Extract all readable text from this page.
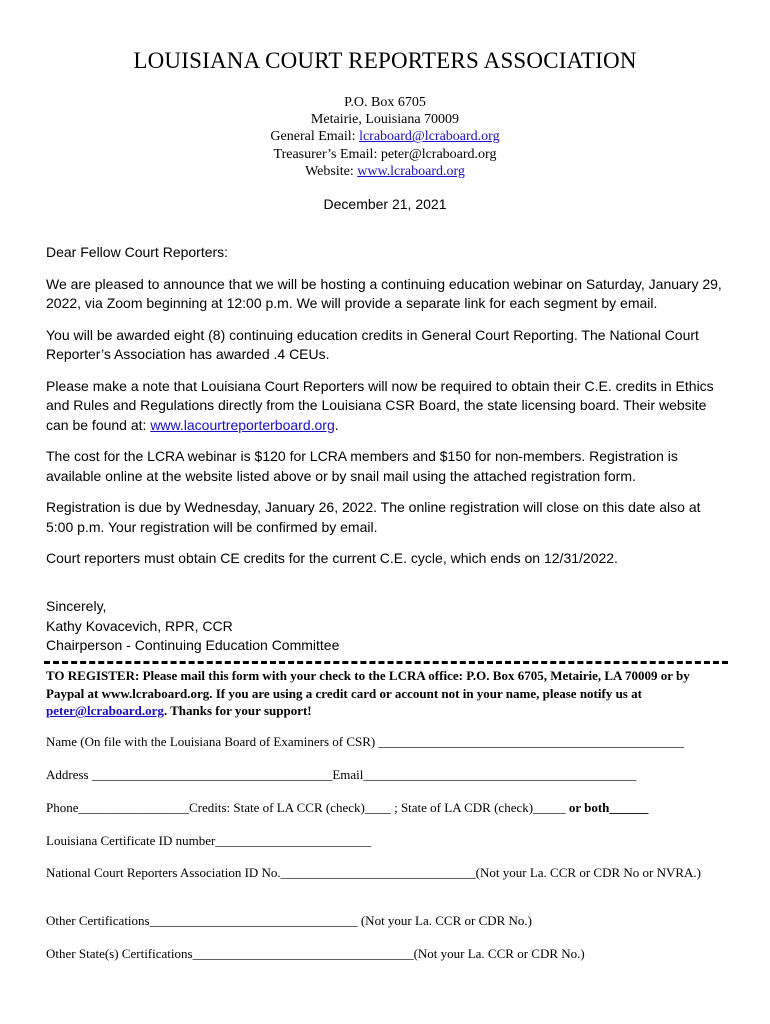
LOUISIANA COURT REPORTERS ASSOCIATION
P.O. Box 6705
Metairie, Louisiana 70009
General Email: lcraboard@lcraboard.org
Treasurer’s Email: peter@lcraboard.org
Website: www.lcraboard.org
December 21, 2021

Dear Fellow Court Reporters:

We are pleased to announce that we will be hosting a continuing education webinar on Saturday, January 29, 2022, via Zoom beginning at 12:00 p.m. We will provide a separate link for each segment by email.

You will be awarded eight (8) continuing education credits in General Court Reporting. The National Court Reporter’s Association has awarded .4 CEUs.

Please make a note that Louisiana Court Reporters will now be required to obtain their C.E. credits in Ethics and Rules and Regulations directly from the Louisiana CSR Board, the state licensing board. Their website can be found at: www.lacourtreporterboard.org.

The cost for the LCRA webinar is $120 for LCRA members and $150 for non-members. Registration is available online at the website listed above or by snail mail using the attached registration form.

Registration is due by Wednesday, January 26, 2022. The online registration will close on this date also at 5:00 p.m. Your registration will be confirmed by email.

Court reporters must obtain CE credits for the current C.E. cycle, which ends on 12/31/2022.

Sincerely,
Kathy Kovacevich, RPR, CCR
Chairperson - Continuing Education Committee
TO REGISTER: Please mail this form with your check to the LCRA office: P.O. Box 6705, Metairie, LA 70009 or by Paypal at www.lcraboard.org. If you are using a credit card or account not in your name, please notify us at peter@lcraboard.org. Thanks for your support!
Name (On file with the Louisiana Board of Examiners of CSR) _______________________________________________
Address _____________________________________Email__________________________________________
Phone_________________Credits: State of LA CCR (check)____ ; State of LA CDR (check)_____ or both______
Louisiana Certificate ID number________________________
National Court Reporters Association ID No.______________________________(Not your La. CCR or CDR No or NVRA.)
Other Certifications________________________________ (Not your La. CCR or CDR No.)
Other State(s) Certifications__________________________________(Not your La. CCR or CDR No.)
